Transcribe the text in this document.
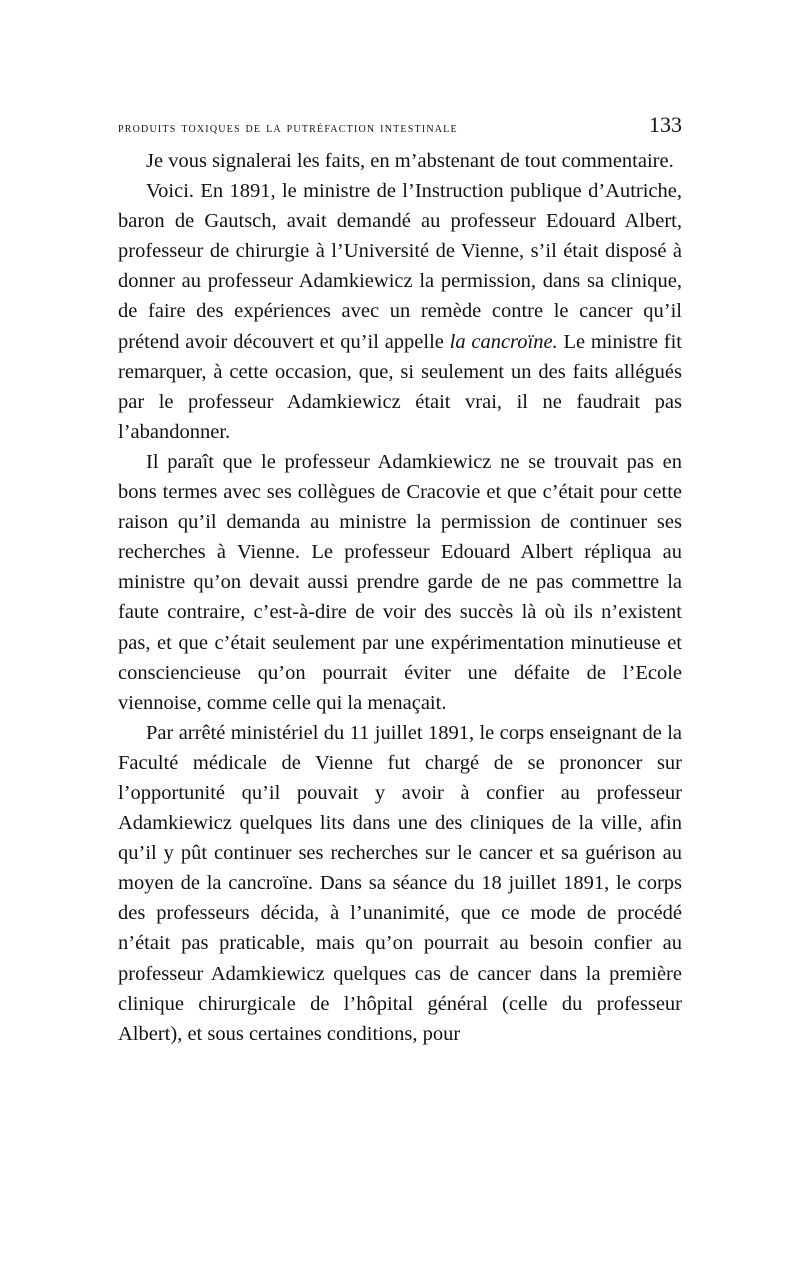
produits toxiques de la putréfaction intestinale	133

Je vous signalerai les faits, en m’abstenant de tout commentaire.

Voici. En 1891, le ministre de l’Instruction publique d’Autriche, baron de Gautsch, avait demandé au professeur Edouard Albert, professeur de chirurgie à l’Université de Vienne, s’il était disposé à donner au professeur Adamkiewicz la permission, dans sa clinique, de faire des expériences avec un remède contre le cancer qu’il prétend avoir découvert et qu’il appelle la cancroïne. Le ministre fit remarquer, à cette occasion, que, si seulement un des faits allégués par le professeur Adamkiewicz était vrai, il ne faudrait pas l’abandonner.

Il paraît que le professeur Adamkiewicz ne se trouvait pas en bons termes avec ses collègues de Cracovie et que c’était pour cette raison qu’il demanda au ministre la permission de continuer ses recherches à Vienne. Le professeur Edouard Albert répliqua au ministre qu’on devait aussi prendre garde de ne pas commettre la faute contraire, c’est-à-dire de voir des succès là où ils n’existent pas, et que c’était seulement par une expérimentation minutieuse et consciencieuse qu’on pourrait éviter une défaite de l’Ecole viennoise, comme celle qui la menaçait.

Par arrêté ministériel du 11 juillet 1891, le corps enseignant de la Faculté médicale de Vienne fut chargé de se prononcer sur l’opportunité qu’il pouvait y avoir à confier au professeur Adamkiewicz quelques lits dans une des cliniques de la ville, afin qu’il y pût continuer ses recherches sur le cancer et sa guérison au moyen de la cancroïne. Dans sa séance du 18 juillet 1891, le corps des professeurs décida, à l’unanimité, que ce mode de procédé n’était pas praticable, mais qu’on pourrait au besoin confier au professeur Adamkiewicz quelques cas de cancer dans la première clinique chirurgicale de l’hôpital général (celle du professeur Albert), et sous certaines conditions, pour
